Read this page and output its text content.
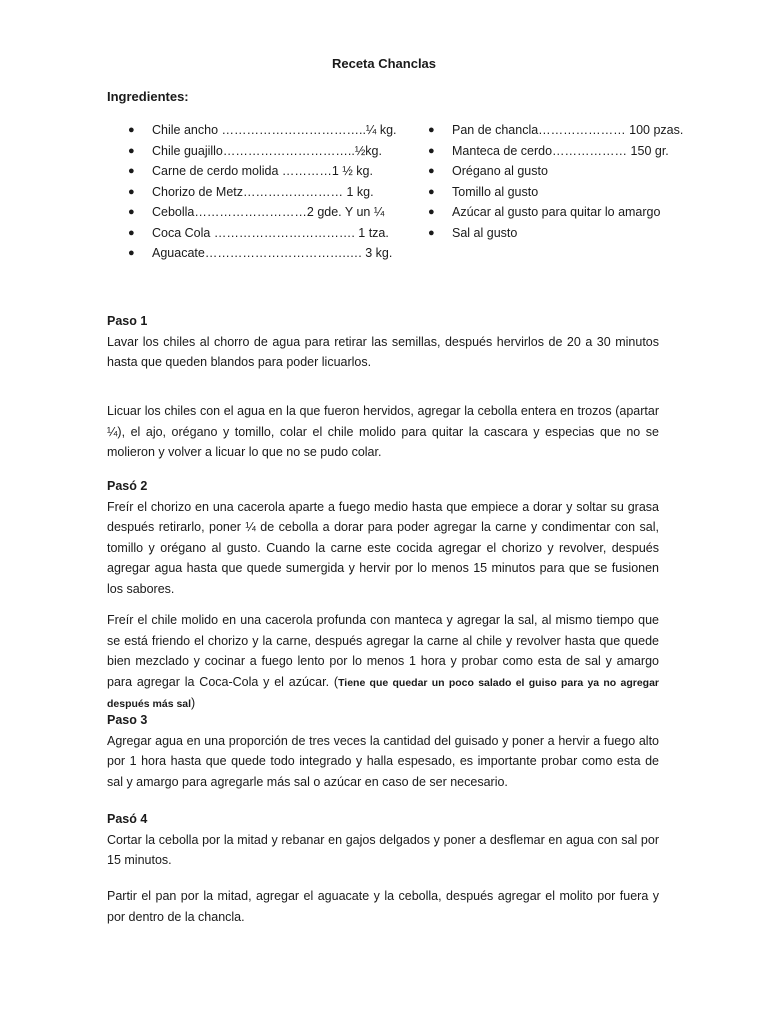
Receta Chanclas
Ingredientes:
● Chile ancho ……………………………..¼ kg.
● Chile guajillo…………………………..½kg.
● Carne de cerdo molida …………1 ½ kg.
● Chorizo de Metz…………………… 1 kg.
● Cebolla………………………2 gde. Y un ¼
● Coca Cola ……………………………. 1 tza.
● Aguacate…………………………….…. 3 kg.
● Pan de chancla………………… 100 pzas.
● Manteca de cerdo……………… 150 gr.
● Orégano al gusto
● Tomillo al gusto
● Azúcar al gusto para quitar lo amargo
● Sal al gusto

Paso 1

Lavar los chiles al chorro de agua para retirar las semillas, después hervirlos de 20 a 30 minutos hasta que queden blandos para poder licuarlos.

Licuar los chiles con el agua en la que fueron hervidos, agregar la cebolla entera en trozos (apartar ¼), el ajo, orégano y tomillo, colar el chile molido para quitar la cascara y especias que no se molieron y volver a licuar lo que no se pudo colar.

Pasó 2

Freír el chorizo en una cacerola aparte a fuego medio hasta que empiece a dorar y soltar su grasa después retirarlo, poner ¼ de cebolla a dorar para poder agregar la carne y condimentar con sal, tomillo y orégano al gusto. Cuando la carne este cocida agregar el chorizo y revolver, después agregar agua hasta que quede sumergida y hervir por lo menos 15 minutos para que se fusionen los sabores.

Freír el chile molido en una cacerola profunda con manteca y agregar la sal, al mismo tiempo que se está friendo el chorizo y la carne, después agregar la carne al chile y revolver hasta que quede bien mezclado y cocinar a fuego lento por lo menos 1 hora y probar como esta de sal y amargo para agregar la Coca-Cola y el azúcar. (Tiene que quedar un poco salado el guiso para ya no agregar después más sal)

Paso 3

Agregar agua en una proporción de tres veces la cantidad del guisado y poner a hervir a fuego alto por 1 hora hasta que quede todo integrado y halla espesado, es importante probar como esta de sal y amargo para agregarle más sal o azúcar en caso de ser necesario.

Pasó 4

Cortar la cebolla por la mitad y rebanar en gajos delgados y poner a desflemar en agua con sal por 15 minutos.

Partir el pan por la mitad, agregar el aguacate y la cebolla, después agregar el molito por fuera y por dentro de la chancla.
